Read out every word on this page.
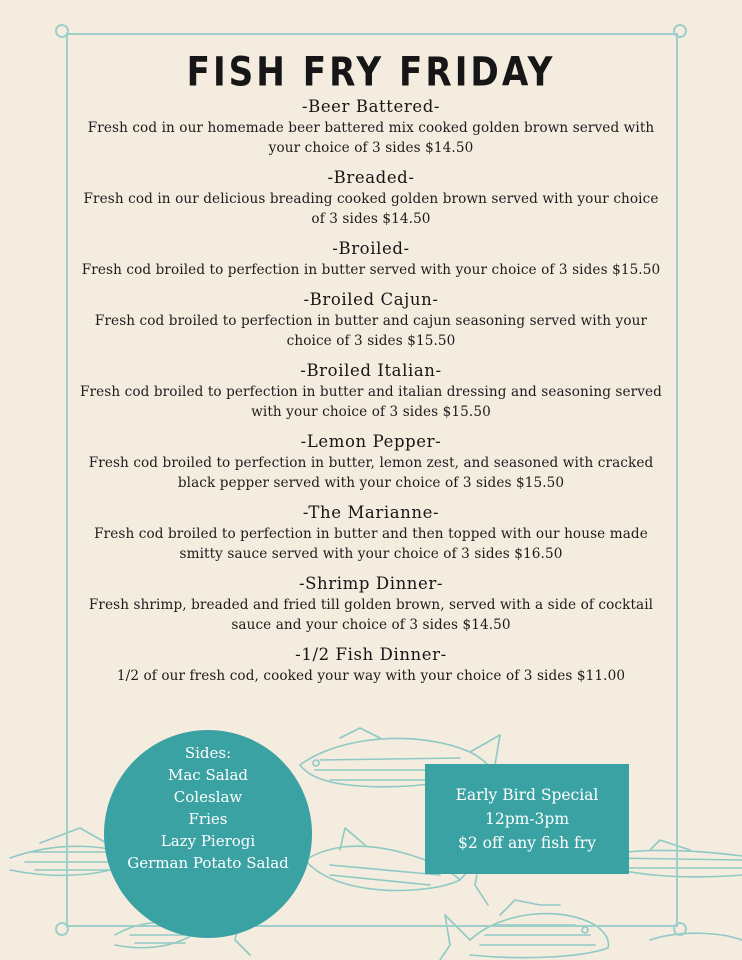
FISH FRY FRIDAY
-Beer Battered-
Fresh cod in our homemade beer battered mix cooked golden brown served with your choice of 3 sides $14.50
-Breaded-
Fresh cod in our delicious breading cooked golden brown served with your choice of 3 sides $14.50
-Broiled-
Fresh cod broiled to perfection in butter served with your choice of 3 sides $15.50
-Broiled Cajun-
Fresh cod broiled to perfection in butter and cajun seasoning served with your choice of 3 sides $15.50
-Broiled Italian-
Fresh cod broiled to perfection in butter and italian dressing and seasoning served with your choice of 3 sides $15.50
-Lemon Pepper-
Fresh cod broiled to perfection in butter, lemon zest, and seasoned with cracked black pepper served with your choice of 3 sides $15.50
-The Marianne-
Fresh cod broiled to perfection in butter and then topped with our house made smitty sauce served with your choice of 3 sides $16.50
-Shrimp Dinner-
Fresh shrimp, breaded and fried till golden brown, served with a side of cocktail sauce and your choice of 3 sides $14.50
-1/2 Fish Dinner-
1/2 of our fresh cod, cooked your way with your choice of 3 sides $11.00
Sides:
Mac Salad
Coleslaw
Fries
Lazy Pierogi
German Potato Salad
Early Bird Special
12pm-3pm
$2 off any fish fry
